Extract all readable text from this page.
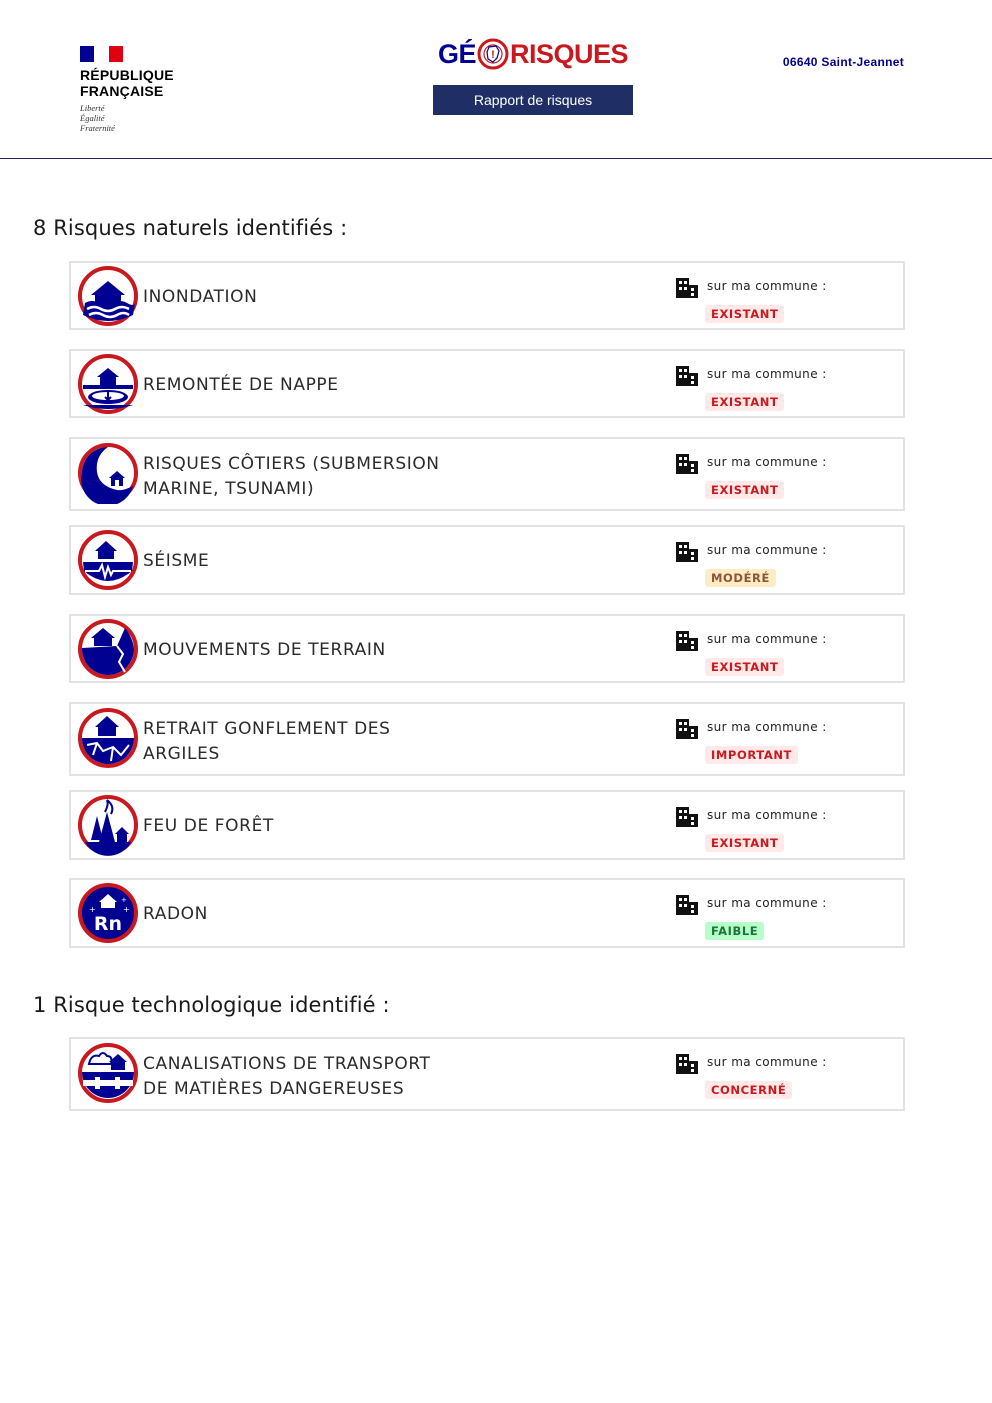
RÉPUBLIQUE
FRANÇAISE
Liberté
Égalité
Fraternité
GÉ ! RISQUES
Rapport de risques
06640 Saint-Jeannet
8 Risques naturels identifiés :
INONDATION
sur ma commune :
EXISTANT
REMONTÉE DE NAPPE
sur ma commune :
EXISTANT
RISQUES CÔTIERS (SUBMERSION
MARINE, TSUNAMI)
sur ma commune :
EXISTANT
SÉISME
sur ma commune :
MODÉRÉ
MOUVEMENTS DE TERRAIN
sur ma commune :
EXISTANT
RETRAIT GONFLEMENT DES
ARGILES
sur ma commune :
IMPORTANT
FEU DE FORÊT
sur ma commune :
EXISTANT
Rn
+	+
+
RADON
sur ma commune :
FAIBLE
1 Risque technologique identifié :
CANALISATIONS DE TRANSPORT
DE MATIÈRES DANGEREUSES
sur ma commune :
CONCERNÉ
